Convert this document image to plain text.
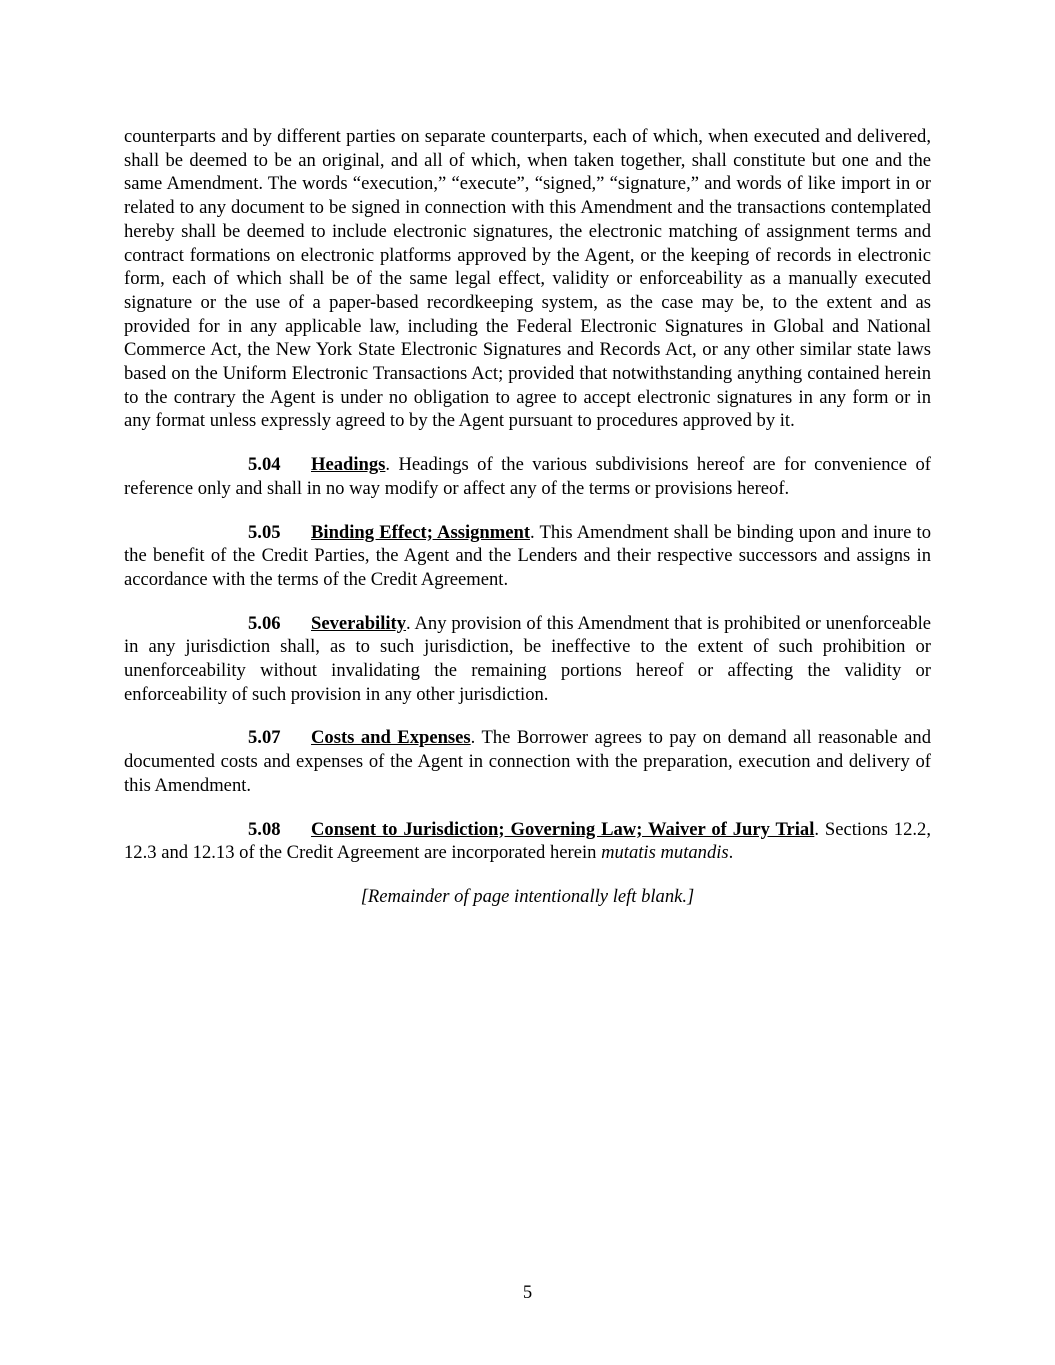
counterparts and by different parties on separate counterparts, each of which, when executed and delivered, shall be deemed to be an original, and all of which, when taken together, shall constitute but one and the same Amendment. The words “execution,” “execute”, “signed,” “signature,” and words of like import in or related to any document to be signed in connection with this Amendment and the transactions contemplated hereby shall be deemed to include electronic signatures, the electronic matching of assignment terms and contract formations on electronic platforms approved by the Agent, or the keeping of records in electronic form, each of which shall be of the same legal effect, validity or enforceability as a manually executed signature or the use of a paper-based recordkeeping system, as the case may be, to the extent and as provided for in any applicable law, including the Federal Electronic Signatures in Global and National Commerce Act, the New York State Electronic Signatures and Records Act, or any other similar state laws based on the Uniform Electronic Transactions Act; provided that notwithstanding anything contained herein to the contrary the Agent is under no obligation to agree to accept electronic signatures in any form or in any format unless expressly agreed to by the Agent pursuant to procedures approved by it.

5.04 Headings. Headings of the various subdivisions hereof are for convenience of reference only and shall in no way modify or affect any of the terms or provisions hereof.

5.05 Binding Effect; Assignment. This Amendment shall be binding upon and inure to the benefit of the Credit Parties, the Agent and the Lenders and their respective successors and assigns in accordance with the terms of the Credit Agreement.

5.06 Severability. Any provision of this Amendment that is prohibited or unenforceable in any jurisdiction shall, as to such jurisdiction, be ineffective to the extent of such prohibition or unenforceability without invalidating the remaining portions hereof or affecting the validity or enforceability of such provision in any other jurisdiction.

5.07 Costs and Expenses. The Borrower agrees to pay on demand all reasonable and documented costs and expenses of the Agent in connection with the preparation, execution and delivery of this Amendment.

5.08 Consent to Jurisdiction; Governing Law; Waiver of Jury Trial. Sections 12.2, 12.3 and 12.13 of the Credit Agreement are incorporated herein mutatis mutandis.

[Remainder of page intentionally left blank.]

5
